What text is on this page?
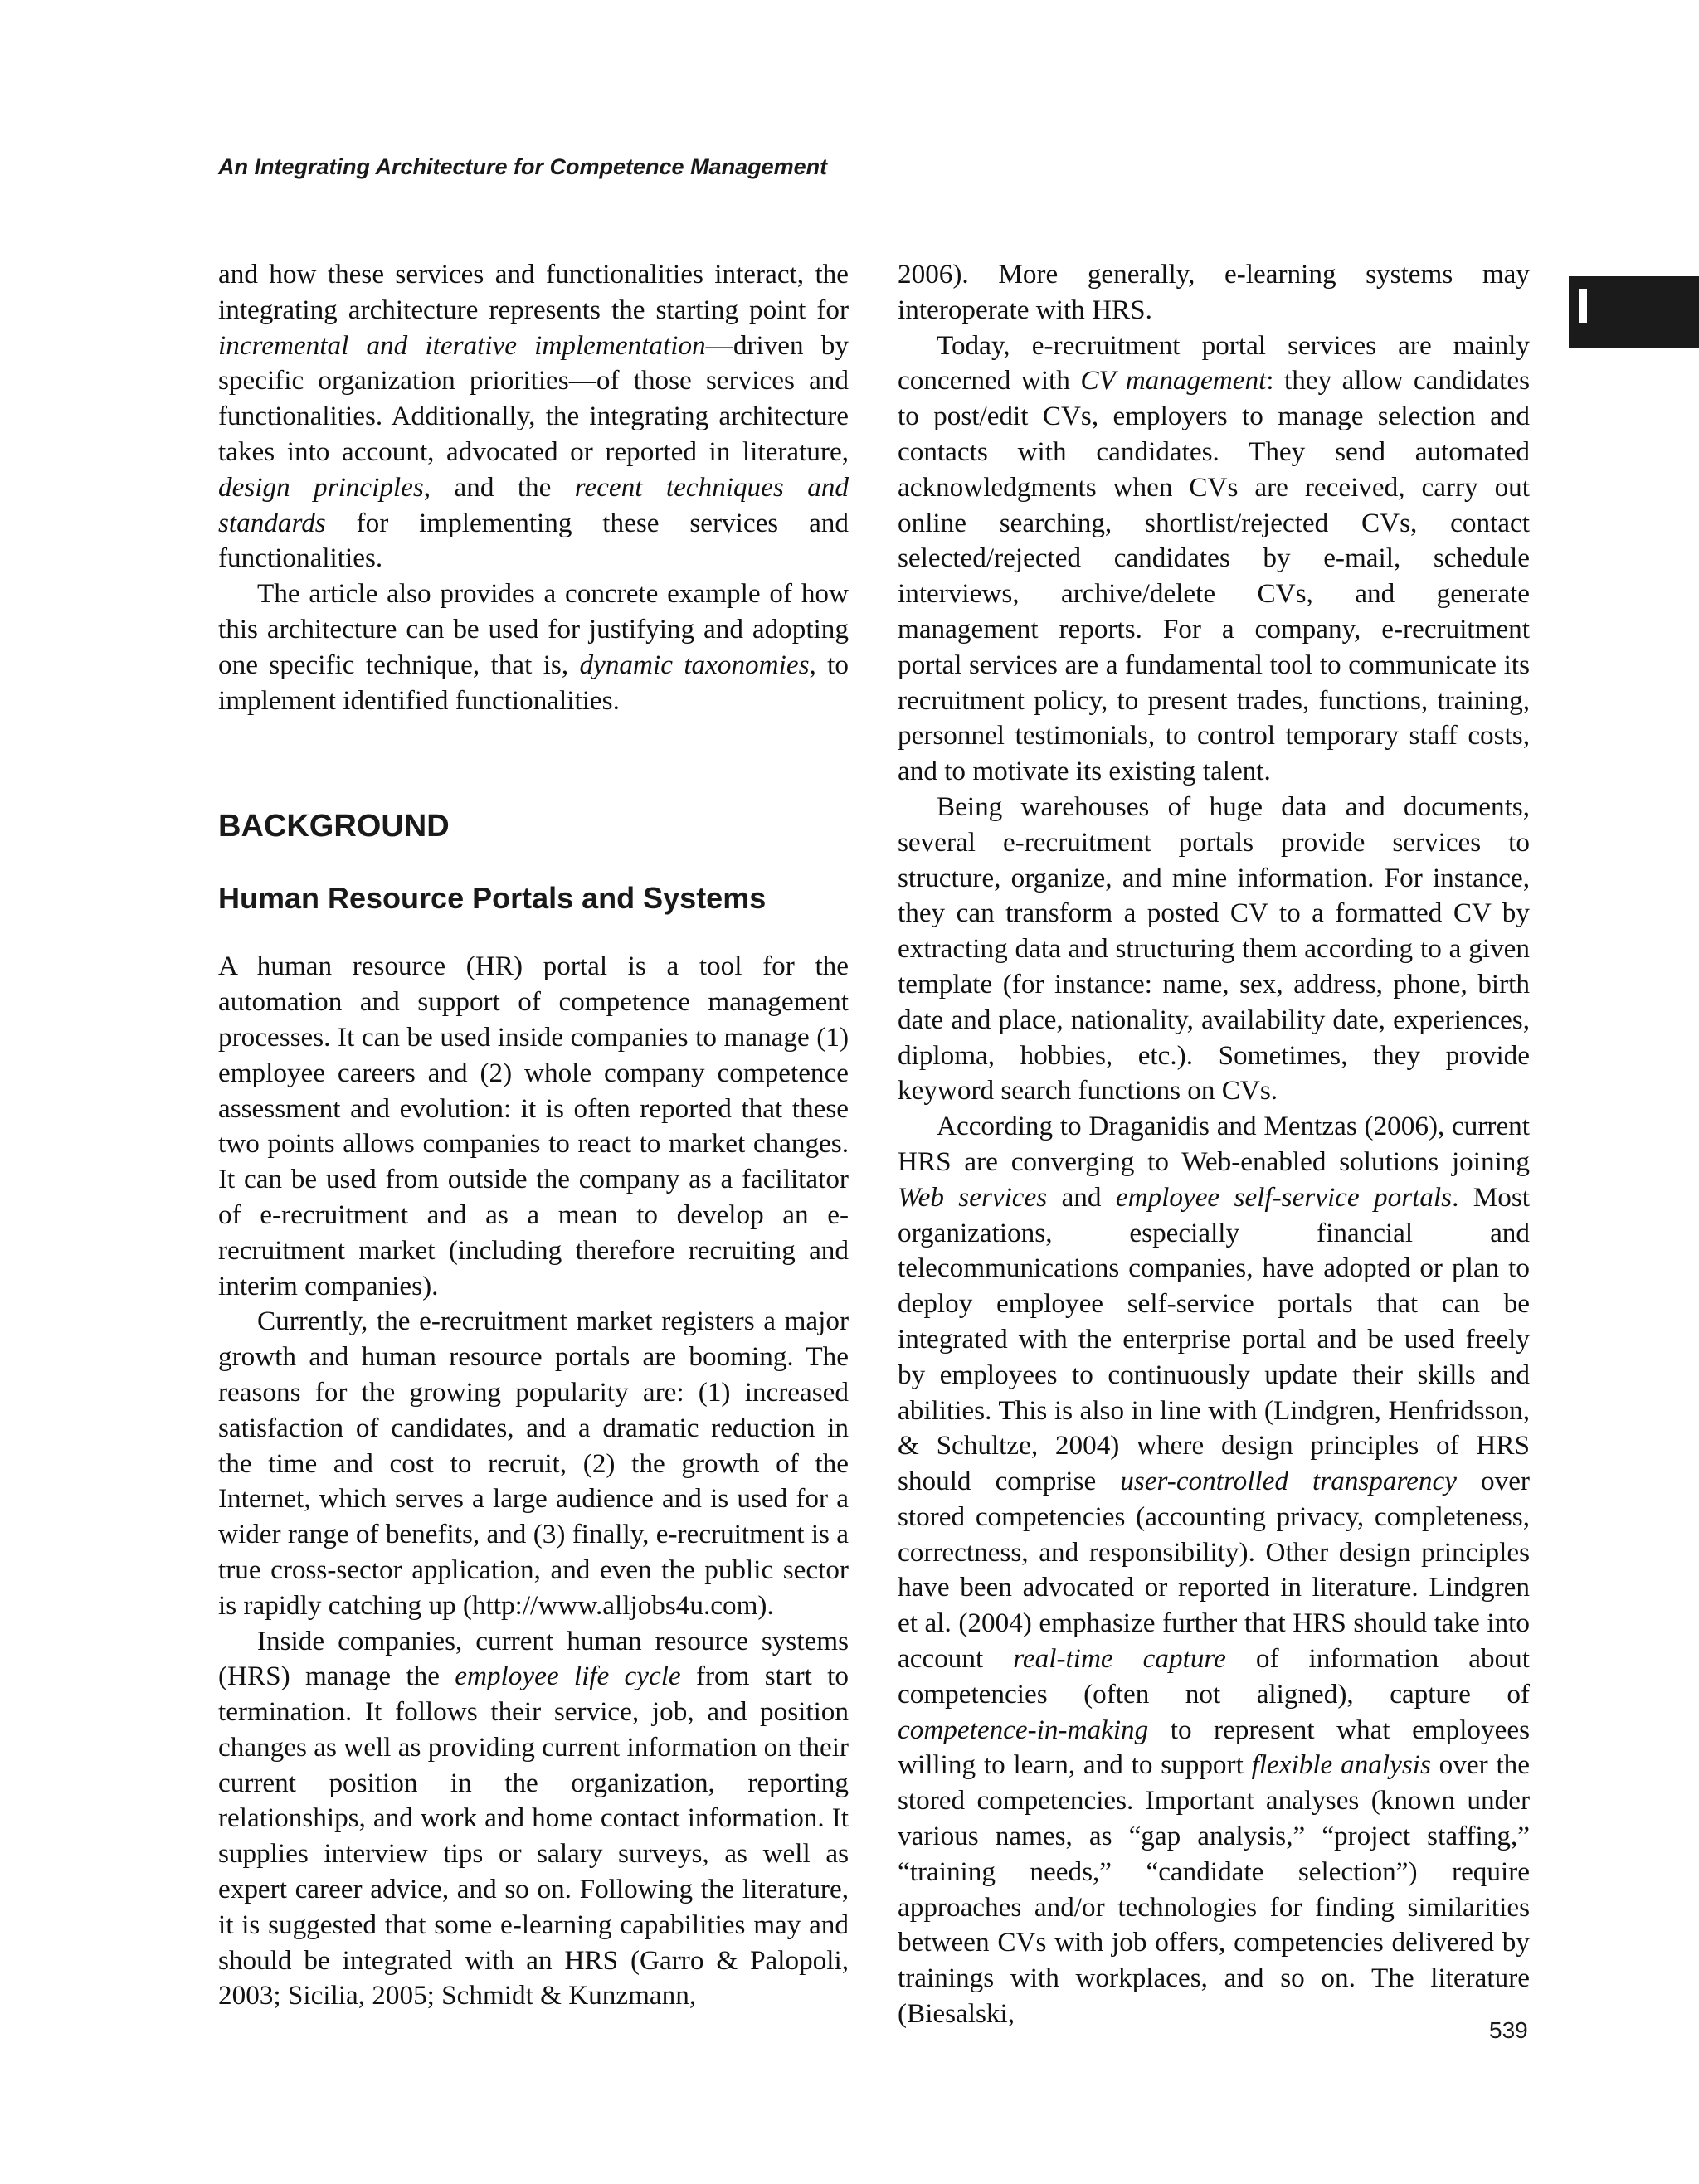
An Integrating Architecture for Competence Management

and how these services and functionalities interact, the integrating architecture represents the starting point for incremental and iterative implementation—driven by specific organization priorities—of those services and functionalities. Additionally, the integrating architecture takes into account, advocated or reported in literature, design principles, and the recent techniques and standards for implementing these services and functionalities.

The article also provides a concrete example of how this architecture can be used for justifying and adopting one specific technique, that is, dynamic taxonomies, to implement identified functionalities.

BACKGROUND
Human Resource Portals and Systems

A human resource (HR) portal is a tool for the automation and support of competence management processes. It can be used inside companies to manage (1) employee careers and (2) whole company competence assessment and evolution: it is often reported that these two points allows companies to react to market changes. It can be used from outside the company as a facilitator of e-recruitment and as a mean to develop an e-recruitment market (including therefore recruiting and interim companies).

Currently, the e-recruitment market registers a major growth and human resource portals are booming. The reasons for the growing popularity are: (1) increased satisfaction of candidates, and a dramatic reduction in the time and cost to recruit, (2) the growth of the Internet, which serves a large audience and is used for a wider range of benefits, and (3) finally, e-recruitment is a true cross-sector application, and even the public sector is rapidly catching up (http://www.alljobs4u.com).

Inside companies, current human resource systems (HRS) manage the employee life cycle from start to termination. It follows their service, job, and position changes as well as providing current information on their current position in the organization, reporting relationships, and work and home contact information. It supplies interview tips or salary surveys, as well as expert career advice, and so on. Following the literature, it is suggested that some e-learning capabilities may and should be integrated with an HRS (Garro & Palopoli, 2003; Sicilia, 2005; Schmidt & Kunzmann,

2006). More generally, e-learning systems may interoperate with HRS.

Today, e-recruitment portal services are mainly concerned with CV management: they allow candidates to post/edit CVs, employers to manage selection and contacts with candidates. They send automated acknowledgments when CVs are received, carry out online searching, shortlist/rejected CVs, contact selected/rejected candidates by e-mail, schedule interviews, archive/delete CVs, and generate management reports. For a company, e-recruitment portal services are a fundamental tool to communicate its recruitment policy, to present trades, functions, training, personnel testimonials, to control temporary staff costs, and to motivate its existing talent.

Being warehouses of huge data and documents, several e-recruitment portals provide services to structure, organize, and mine information. For instance, they can transform a posted CV to a formatted CV by extracting data and structuring them according to a given template (for instance: name, sex, address, phone, birth date and place, nationality, availability date, experiences, diploma, hobbies, etc.). Sometimes, they provide keyword search functions on CVs.

According to Draganidis and Mentzas (2006), current HRS are converging to Web-enabled solutions joining Web services and employee self-service portals. Most organizations, especially financial and telecommunications companies, have adopted or plan to deploy employee self-service portals that can be integrated with the enterprise portal and be used freely by employees to continuously update their skills and abilities. This is also in line with (Lindgren, Henfridsson, & Schultze, 2004) where design principles of HRS should comprise user-controlled transparency over stored competencies (accounting privacy, completeness, correctness, and responsibility). Other design principles have been advocated or reported in literature. Lindgren et al. (2004) emphasize further that HRS should take into account real-time capture of information about competencies (often not aligned), capture of competence-in-making to represent what employees willing to learn, and to support flexible analysis over the stored competencies. Important analyses (known under various names, as “gap analysis,” “project staffing,” “training needs,” “candidate selection”) require approaches and/or technologies for finding similarities between CVs with job offers, competencies delivered by trainings with workplaces, and so on. The literature (Biesalski,

539
